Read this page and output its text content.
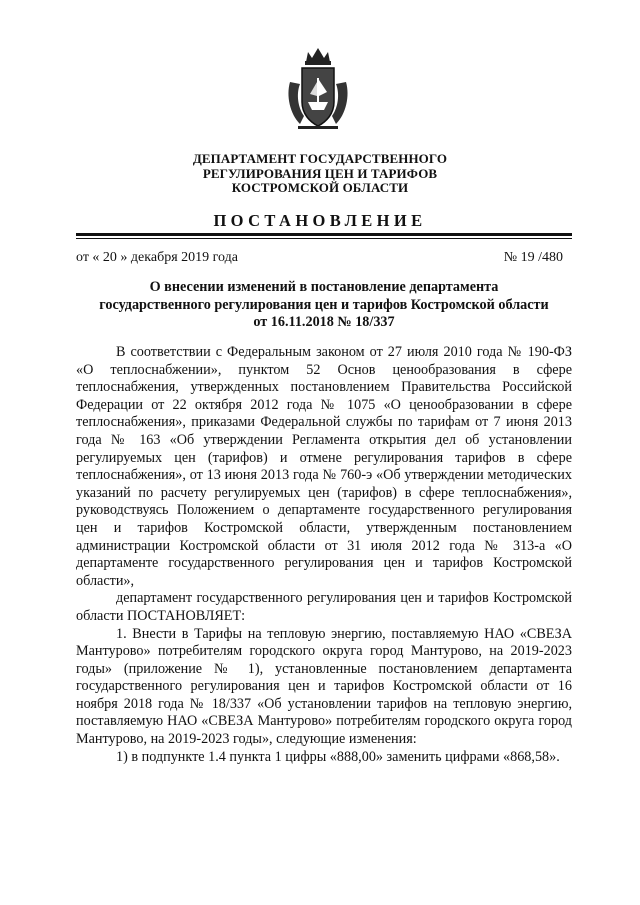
ДЕПАРТАМЕНТ ГОСУДАРСТВЕННОГО
РЕГУЛИРОВАНИЯ ЦЕН И ТАРИФОВ
КОСТРОМСКОЙ ОБЛАСТИ
ПОСТАНОВЛЕНИЕ
от « 20 » декабря 2019 года	№ 19 /480
О внесении изменений в постановление департамента
государственного регулирования цен и тарифов Костромской области
от 16.11.2018 № 18/337

В соответствии с Федеральным законом от 27 июля 2010 года № 190-ФЗ «О теплоснабжении», пунктом 52 Основ ценообразования в сфере теплоснабжения, утвержденных постановлением Правительства Российской Федерации от 22 октября 2012 года № 1075 «О ценообразовании в сфере теплоснабжения», приказами Федеральной службы по тарифам от 7 июня 2013 года № 163 «Об утверждении Регламента открытия дел об установлении регулируемых цен (тарифов) и отмене регулирования тарифов в сфере теплоснабжения», от 13 июня 2013 года № 760-э «Об утверждении методических указаний по расчету регулируемых цен (тарифов) в сфере теплоснабжения», руководствуясь Положением о департаменте государственного регулирования цен и тарифов Костромской области, утвержденным постановлением администрации Костромской области от 31 июля 2012 года № 313-а «О департаменте государственного регулирования цен и тарифов Костромской области»,

департамент государственного регулирования цен и тарифов Костромской области ПОСТАНОВЛЯЕТ:

1. Внести в Тарифы на тепловую энергию, поставляемую НАО «СВЕЗА Мантурово» потребителям городского округа город Мантурово, на 2019-2023 годы» (приложение № 1), установленные постановлением департамента государственного регулирования цен и тарифов Костромской области от 16 ноября 2018 года № 18/337 «Об установлении тарифов на тепловую энергию, поставляемую НАО «СВЕЗА Мантурово» потребителям городского округа город Мантурово, на 2019-2023 годы», следующие изменения:

1) в подпункте 1.4 пункта 1 цифры «888,00» заменить цифрами «868,58».
